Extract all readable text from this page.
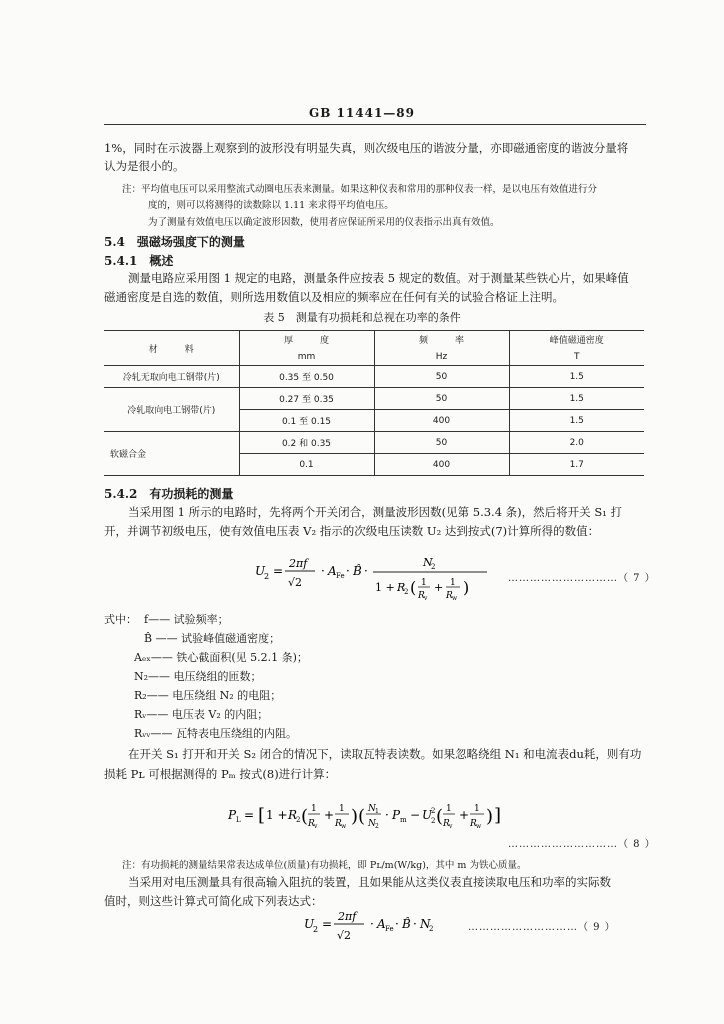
GB 11441—89
1%，同时在示波器上观察到的波形没有明显失真，则次级电压的谐波分量，亦即磁通密度的谐波分量将
认为是很小的。
注：平均值电压可以采用整流式动圈电压表来测量。如果这种仪表和常用的那种仪表一样，是以电压有效值进行分
度的，则可以将测得的读数除以 1.11 来求得平均值电压。
为了测量有效值电压以确定波形因数，使用者应保证所采用的仪表指示出真有效值。
5.4　强磁场强度下的测量
5.4.1　概述
测量电路应采用图 1 规定的电路，测量条件应按表 5 规定的数值。对于测量某些铁心片，如果峰值
磁通密度是自选的数值，则所选用数值以及相应的频率应在任何有关的试验合格证上注明。
表 5　测量有功损耗和总视在功率的条件
材　　　料	厚　　　度	频　　　率	峰值磁通密度
	mm	Hz	T
冷轧无取向电工钢带(片)	0.35 至 0.50	50	1.5
冷轧取向电工钢带(片)	0.27 至 0.35	50	1.5
	0.1 至 0.15	400	1.5
软磁合金	0.2 和 0.35	50	2.0
	0.1	400	1.7
5.4.2　有功损耗的测量
当采用图 1 所示的电路时，先将两个开关闭合，测量波形因数(见第 5.3.4 条)，然后将开关 S₁ 打
开，并调节初级电压，使有效值电压表 V₂ 指示的次级电压读数 U₂ 达到按式(7)计算所得的数值：
U
2 =
2πf
√2
· A Fe · B̂ ·
N
2
1 + R
2 ( 1
R v
+ 1
R w
)	…………………………（ 7 ）
式中： f—— 试验频率；
B̂ —— 试验峰值磁通密度；
Aₑₓ—— 铁心截面积(见 5.2.1 条)；
N₂—— 电压绕组的匝数；
R₂—— 电压绕组 N₂ 的电阻；
Rᵥ—— 电压表 V₂ 的内阻；
Rᵥᵥ—— 瓦特表电压绕组的内阻。
在开关 S₁ 打开和开关 S₂ 闭合的情况下，读取瓦特表读数。如果忽略绕组 N₁ 和电流表du耗，则有功
损耗 Pʟ 可根据测得的 Pₘ 按式(8)进行计算：
P L = [ 1 + R
2 ( 1
R v
+ 1
R w ) ( N 1
N 2
· P m − U
2
2 ( 1
R v
+ 1
R w ) ]
…………………………（ 8 ）
注：有功损耗的测量结果常表达成单位(质量)有功损耗，即 Pʟ/m(W/kg)，其中 m 为铁心质量。
当采用对电压测量具有很高输入阻抗的装置，且如果能从这类仪表直接读取电压和功率的实际数
值时，则这些计算式可简化成下列表达式：
U
2 =
2πf
√2
· A Fe · B̂ · N
2	…………………………（ 9 ）
